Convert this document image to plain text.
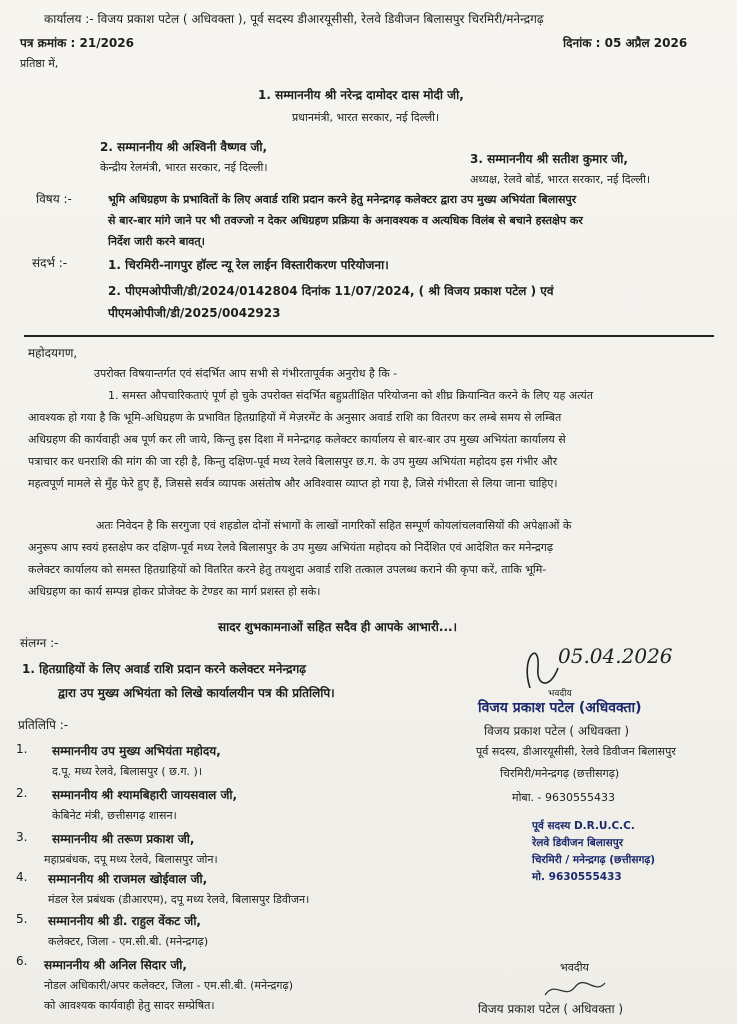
कार्यालय :- विजय प्रकाश पटेल ( अधिवक्ता ), पूर्व सदस्य डीआरयूसीसी, रेलवे डिवीजन बिलासपुर चिरमिरी/मनेन्द्रगढ़
पत्र क्रमांक : 21/2026	दिनांक : 05 अप्रैल 2026
प्रतिष्ठा में,
1. सम्माननीय श्री नरेन्द्र दामोदर दास मोदी जी,
प्रधानमंत्री, भारत सरकार, नई दिल्ली।
2. सम्माननीय श्री अश्विनी वैष्णव जी,
केन्द्रीय रेलमंत्री, भारत सरकार, नई दिल्ली।
3. सम्माननीय श्री सतीश कुमार जी,
अध्यक्ष, रेलवे बोर्ड, भारत सरकार, नई दिल्ली।
विषय :-	भूमि अधिग्रहण के प्रभावितों के लिए अवार्ड राशि प्रदान करने हेतु मनेन्द्रगढ़ कलेक्टर द्वारा उप मुख्य अभियंता बिलासपुर
से बार-बार मांगे जाने पर भी तवज्जो न देकर अधिग्रहण प्रक्रिया के अनावश्यक व अत्यधिक विलंब से बचाने हस्तक्षेप कर
निर्देश जारी करने बावत्।
संदर्भ :-	1. चिरमिरी-नागपुर हॉल्ट न्यू रेल लाईन विस्तारीकरण परियोजना।
2. पीएमओपीजी/डी/2024/0142804 दिनांक 11/07/2024, ( श्री विजय प्रकाश पटेल ) एवं
पीएमओपीजी/डी/2025/0042923
महोदयगण,
उपरोक्त विषयान्तर्गत एवं संदर्भित आप सभी से गंभीरतापूर्वक अनुरोध है कि -
1. समस्त औपचारिकताएं पूर्ण हो चुके उपरोक्त संदर्भित बहुप्रतीक्षित परियोजना को शीघ्र क्रियान्वित करने के लिए यह अत्यंत
आवश्यक हो गया है कि भूमि-अधिग्रहण के प्रभावित हितग्राहियों में मेज़रमेंट के अनुसार अवार्ड राशि का वितरण कर लम्बे समय से लम्बित
अधिग्रहण की कार्यवाही अब पूर्ण कर ली जाये, किन्तु इस दिशा में मनेन्द्रगढ़ कलेक्टर कार्यालय से बार-बार उप मुख्य अभियंता कार्यालय से
पत्राचार कर धनराशि की मांग की जा रही है, किन्तु दक्षिण-पूर्व मध्य रेलवे बिलासपुर छ.ग. के उप मुख्य अभियंता महोदय इस गंभीर और
महत्वपूर्ण मामले से मुँह फेरे हुए हैं, जिससे सर्वत्र व्यापक असंतोष और अविश्वास व्याप्त हो गया है, जिसे गंभीरता से लिया जाना चाहिए।
अतः निवेदन है कि सरगुजा एवं शहडोल दोनों संभागों के लाखों नागरिकों सहित सम्पूर्ण कोयलांचलवासियों की अपेक्षाओं के
अनुरूप आप स्वयं हस्तक्षेप कर दक्षिण-पूर्व मध्य रेलवे बिलासपुर के उप मुख्य अभियंता महोदय को निर्देशित एवं आदेशित कर मनेन्द्रगढ़
कलेक्टर कार्यालय को समस्त हितग्राहियों को वितरित करने हेतु तयशुदा अवार्ड राशि तत्काल उपलब्ध कराने की कृपा करें, ताकि भूमि-
अधिग्रहण का कार्य सम्पन्न होकर प्रोजेक्ट के टेण्डर का मार्ग प्रशस्त हो सके।
सादर शुभकामनाओं सहित सदैव ही आपके आभारी...।
संलग्न :-
1. हितग्राहियों के लिए अवार्ड राशि प्रदान करने कलेक्टर मनेन्द्रगढ़
द्वारा उप मुख्य अभियंता को लिखे कार्यालयीन पत्र की प्रतिलिपि।
प्रतिलिपि :-
1. सम्माननीय उप मुख्य अभियंता महोदय,
द.पू. मध्य रेलवे, बिलासपुर ( छ.ग. )।
2. सम्माननीय श्री श्यामबिहारी जायसवाल जी,
केबिनेट मंत्री, छत्तीसगढ़ शासन।
3. सम्माननीय श्री तरूण प्रकाश जी,
महाप्रबंधक, दपू मध्य रेलवे, बिलासपुर जोन।
4. सम्माननीय श्री राजमल खोईवाल जी,
मंडल रेल प्रबंधक (डीआरएम), दपू मध्य रेलवे, बिलासपुर डिवीजन।
5. सम्माननीय श्री डी. राहुल वेंकट जी,
कलेक्टर, जिला - एम.सी.बी. (मनेन्द्रगढ़)
6. सम्माननीय श्री अनिल सिदार जी,
नोडल अधिकारी/अपर कलेक्टर, जिला - एम.सी.बी. (मनेन्द्रगढ़)
को आवश्यक कार्यवाही हेतु सादर सम्प्रेषित।
05.04.2026
भवदीय
विजय प्रकाश पटेल (अधिवक्ता)
विजय प्रकाश पटेल ( अधिवक्ता )
पूर्व सदस्य, डीआरयूसीसी, रेलवे डिवीजन बिलासपुर
चिरमिरी/मनेन्द्रगढ़ (छत्तीसगढ़)
मोबा. - 9630555433
पूर्व सदस्य D.R.U.C.C.
रेलवे डिवीजन बिलासपुर
चिरमिरी / मनेन्द्रगढ़ (छत्तीसगढ़)
मो. 9630555433
भवदीय
विजय प्रकाश पटेल ( अधिवक्ता )
